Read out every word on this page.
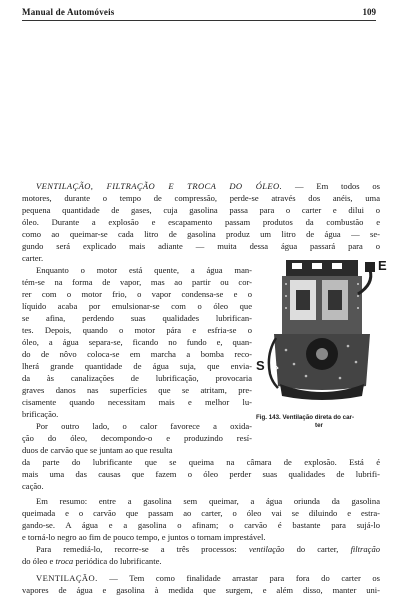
Manual de Automóveis	109
VENTILAÇÃO, FILTRAÇÃO E TROCA DO ÓLEO. — Em todos os
motores, durante o tempo de compressão, perde-se através dos anéis, uma
pequena quantidade de gases, cuja gasolina passa para o carter e dilui o
óleo. Durante a explosão e escapamento passam produtos da combustão e
como ao queimar-se cada litro de gasolina produz um litro de água — se-
gundo será explicado mais adiante — muita dessa água passará para o
carter.
Enquanto o motor está quente, a água man-
tém-se na forma de vapor, mas ao partir ou cor-
rer com o motor frio, o vapor condensa-se e o
líquido acaba por emulsionar-se com o óleo que
se afina, perdendo suas qualidades lubrifican-
tes. Depois, quando o motor pára e esfria-se o
óleo, a água separa-se, ficando no fundo e, quan-
do de nôvo coloca-se em marcha a bomba reco-
lherá grande quantidade de água suja, que envia-
da às canalizações de lubrificação, provocaria
graves danos nas superfícies que se atritam, pre-
cisamente quando necessitam mais e melhor lu-
brificação.
Por outro lado, o calor favorece a oxida-
ção do óleo, decompondo-o e produzindo resí-
duos de carvão que se juntam ao que resulta
da parte do lubrificante que se queima na câmara de explosão. Está é
mais uma das causas que fazem o óleo perder suas qualidades de lubrifi-
cação.
Em resumo: entre a gasolina sem queimar, a água oriunda da gasolina
queimada e o carvão que passam ao carter, o óleo vai se diluindo e estra-
gando-se. A água e a gasolina o afinam; o carvão é bastante para sujá-lo
e torná-lo negro ao fim de pouco tempo, e juntos o tornam imprestável.
Para remediá-lo, recorre-se a três processos: ventilação do carter, filtração
do óleo e troca periódica do lubrificante.
VENTILAÇÃO. — Tem como finalidade arrastar para fora do carter os
vapores de água e gasolina à medida que surgem, e além disso, manter uni-
S
E
Fig. 143. Ventilação direta do car-
ter
